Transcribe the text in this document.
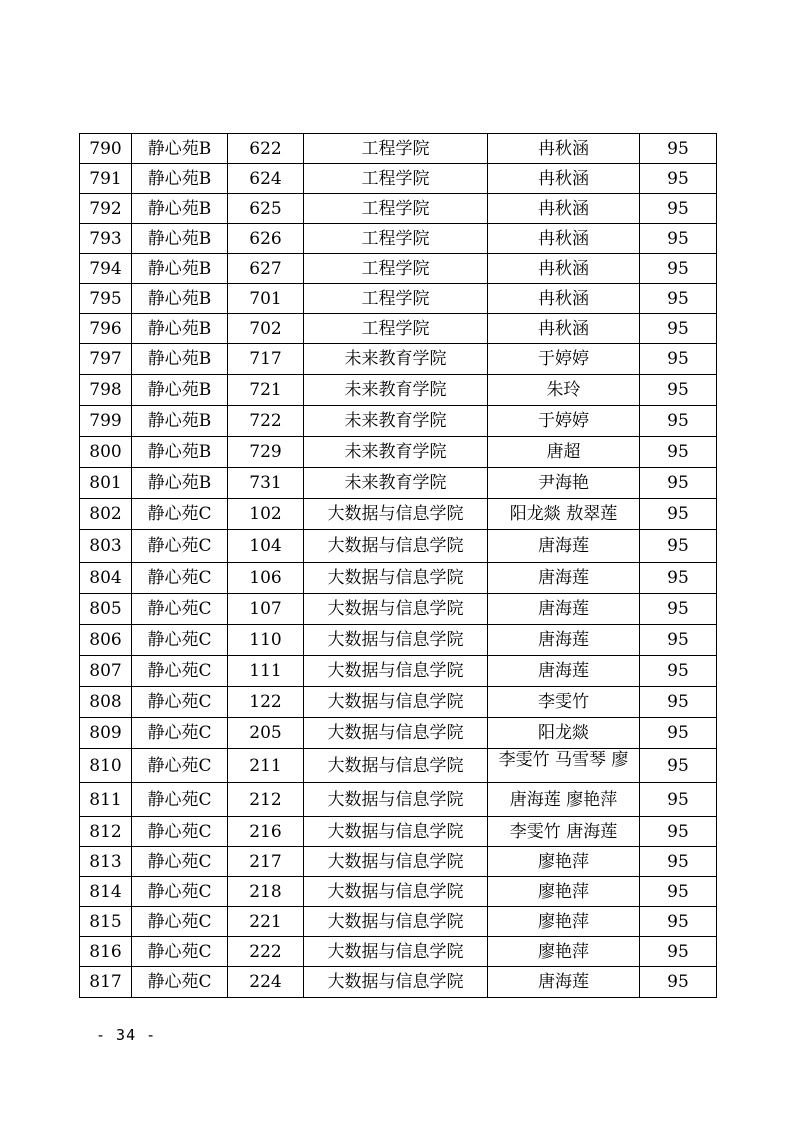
790	静心苑B	622	工程学院	冉秋涵	95
791	静心苑B	624	工程学院	冉秋涵	95
792	静心苑B	625	工程学院	冉秋涵	95
793	静心苑B	626	工程学院	冉秋涵	95
794	静心苑B	627	工程学院	冉秋涵	95
795	静心苑B	701	工程学院	冉秋涵	95
796	静心苑B	702	工程学院	冉秋涵	95
797	静心苑B	717	未来教育学院	于婷婷	95
798	静心苑B	721	未来教育学院	朱玲	95
799	静心苑B	722	未来教育学院	于婷婷	95
800	静心苑B	729	未来教育学院	唐超	95
801	静心苑B	731	未来教育学院	尹海艳	95
802	静心苑C	102	大数据与信息学院	阳龙燚 敖翠莲	95
803	静心苑C	104	大数据与信息学院	唐海莲	95
804	静心苑C	106	大数据与信息学院	唐海莲	95
805	静心苑C	107	大数据与信息学院	唐海莲	95
806	静心苑C	110	大数据与信息学院	唐海莲	95
807	静心苑C	111	大数据与信息学院	唐海莲	95
808	静心苑C	122	大数据与信息学院	李雯竹	95
809	静心苑C	205	大数据与信息学院	阳龙燚	95
810	静心苑C	211	大数据与信息学院	李雯竹 马雪琴 廖	95
811	静心苑C	212	大数据与信息学院	唐海莲 廖艳萍	95
812	静心苑C	216	大数据与信息学院	李雯竹 唐海莲	95
813	静心苑C	217	大数据与信息学院	廖艳萍	95
814	静心苑C	218	大数据与信息学院	廖艳萍	95
815	静心苑C	221	大数据与信息学院	廖艳萍	95
816	静心苑C	222	大数据与信息学院	廖艳萍	95
817	静心苑C	224	大数据与信息学院	唐海莲	95
- 34 -
